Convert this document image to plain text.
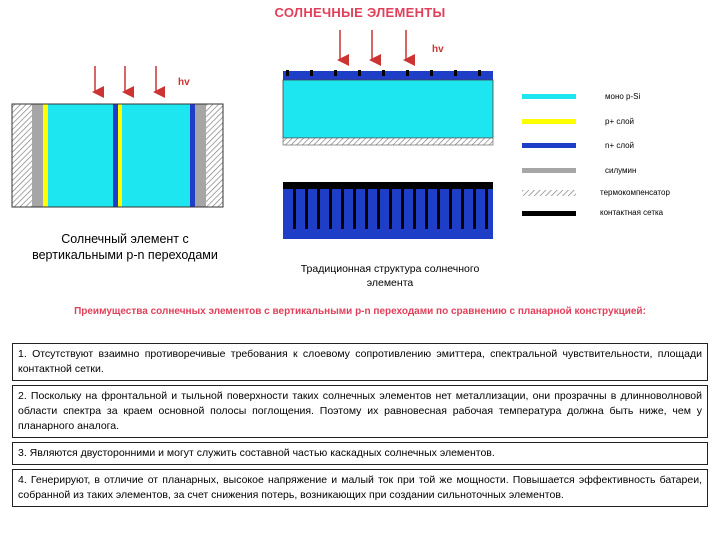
СОЛНЕЧНЫЕ ЭЛЕМЕНТЫ
hv
hv
Солнечный элемент с вертикальными p-n переходами
Традиционная структура солнечного элемента
моно p-Si
p+ слой
n+ слой
силумин
термокомпенсатор
контактная сетка
Преимущества солнечных элементов с вертикальными p-n переходами по сравнению с планарной конструкцией:

1. Отсутствуют взаимно противоречивые требования к слоевому сопротивлению эмиттера, спектральной чувствительности, площади контактной сетки.

2. Поскольку на фронтальной и тыльной поверхности таких солнечных элементов нет металлизации, они прозрачны в длинноволновой области спектра за краем основной полосы поглощения. Поэтому их равновесная рабочая температура должна быть ниже, чем у планарного аналога.

3. Являются двусторонними и могут служить составной частью каскадных солнечных элементов.

4. Генерируют, в отличие от планарных, высокое напряжение и малый ток при той же мощности. Повышается эффективность батареи, собранной из таких элементов, за счет снижения потерь, возникающих при создании сильноточных элементов.
